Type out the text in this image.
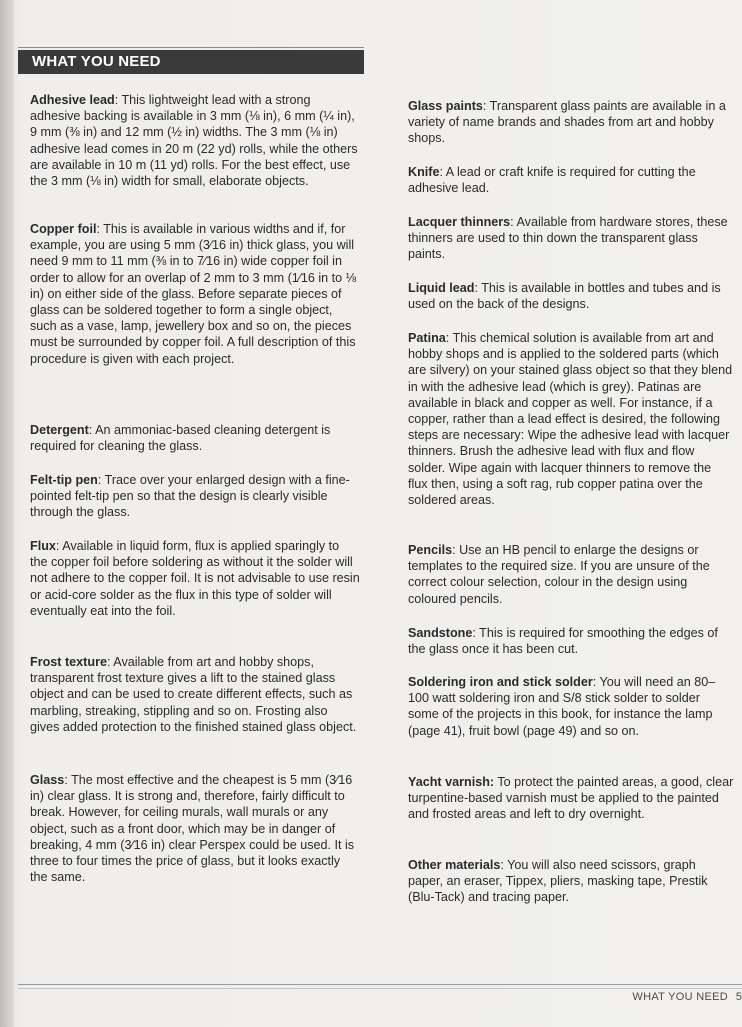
WHAT YOU NEED

Adhesive lead: This lightweight lead with a strong adhesive backing is available in 3 mm (⅛ in), 6 mm (¼ in), 9 mm (⅜ in) and 12 mm (½ in) widths. The 3 mm (⅛ in) adhesive lead comes in 20 m (22 yd) rolls, while the others are available in 10 m (11 yd) rolls. For the best effect, use the 3 mm (⅛ in) width for small, elaborate objects.

Copper foil: This is available in various widths and if, for example, you are using 5 mm (3⁄16 in) thick glass, you will need 9 mm to 11 mm (⅜ in to 7⁄16 in) wide copper foil in order to allow for an overlap of 2 mm to 3 mm (1⁄16 in to ⅛ in) on either side of the glass. Before separate pieces of glass can be soldered together to form a single object, such as a vase, lamp, jewellery box and so on, the pieces must be surrounded by copper foil. A full description of this procedure is given with each project.

Detergent: An ammoniac-based cleaning detergent is required for cleaning the glass.

Felt-tip pen: Trace over your enlarged design with a fine-pointed felt-tip pen so that the design is clearly visible through the glass.

Flux: Available in liquid form, flux is applied sparingly to the copper foil before soldering as without it the solder will not adhere to the copper foil. It is not advisable to use resin or acid-core solder as the flux in this type of solder will eventually eat into the foil.

Frost texture: Available from art and hobby shops, transparent frost texture gives a lift to the stained glass object and can be used to create different effects, such as marbling, streaking, stippling and so on. Frosting also gives added protection to the finished stained glass object.

Glass: The most effective and the cheapest is 5 mm (3⁄16 in) clear glass. It is strong and, therefore, fairly difficult to break. However, for ceiling murals, wall murals or any object, such as a front door, which may be in danger of breaking, 4 mm (3⁄16 in) clear Perspex could be used. It is three to four times the price of glass, but it looks exactly the same.

Glass paints: Transparent glass paints are available in a variety of name brands and shades from art and hobby shops.

Knife: A lead or craft knife is required for cutting the adhesive lead.

Lacquer thinners: Available from hardware stores, these thinners are used to thin down the transparent glass paints.

Liquid lead: This is available in bottles and tubes and is used on the back of the designs.

Patina: This chemical solution is available from art and hobby shops and is applied to the soldered parts (which are silvery) on your stained glass object so that they blend in with the adhesive lead (which is grey). Patinas are available in black and copper as well. For instance, if a copper, rather than a lead effect is desired, the following steps are necessary: Wipe the adhesive lead with lacquer thinners. Brush the adhesive lead with flux and flow solder. Wipe again with lacquer thinners to remove the flux then, using a soft rag, rub copper patina over the soldered areas.

Pencils: Use an HB pencil to enlarge the designs or templates to the required size. If you are unsure of the correct colour selection, colour in the design using coloured pencils.

Sandstone: This is required for smoothing the edges of the glass once it has been cut.

Soldering iron and stick solder: You will need an 80–100 watt soldering iron and S/8 stick solder to solder some of the projects in this book, for instance the lamp (page 41), fruit bowl (page 49) and so on.

Yacht varnish: To protect the painted areas, a good, clear turpentine-based varnish must be applied to the painted and frosted areas and left to dry overnight.

Other materials: You will also need scissors, graph paper, an eraser, Tippex, pliers, masking tape, Prestik (Blu-Tack) and tracing paper.

WHAT YOU NEED 5
